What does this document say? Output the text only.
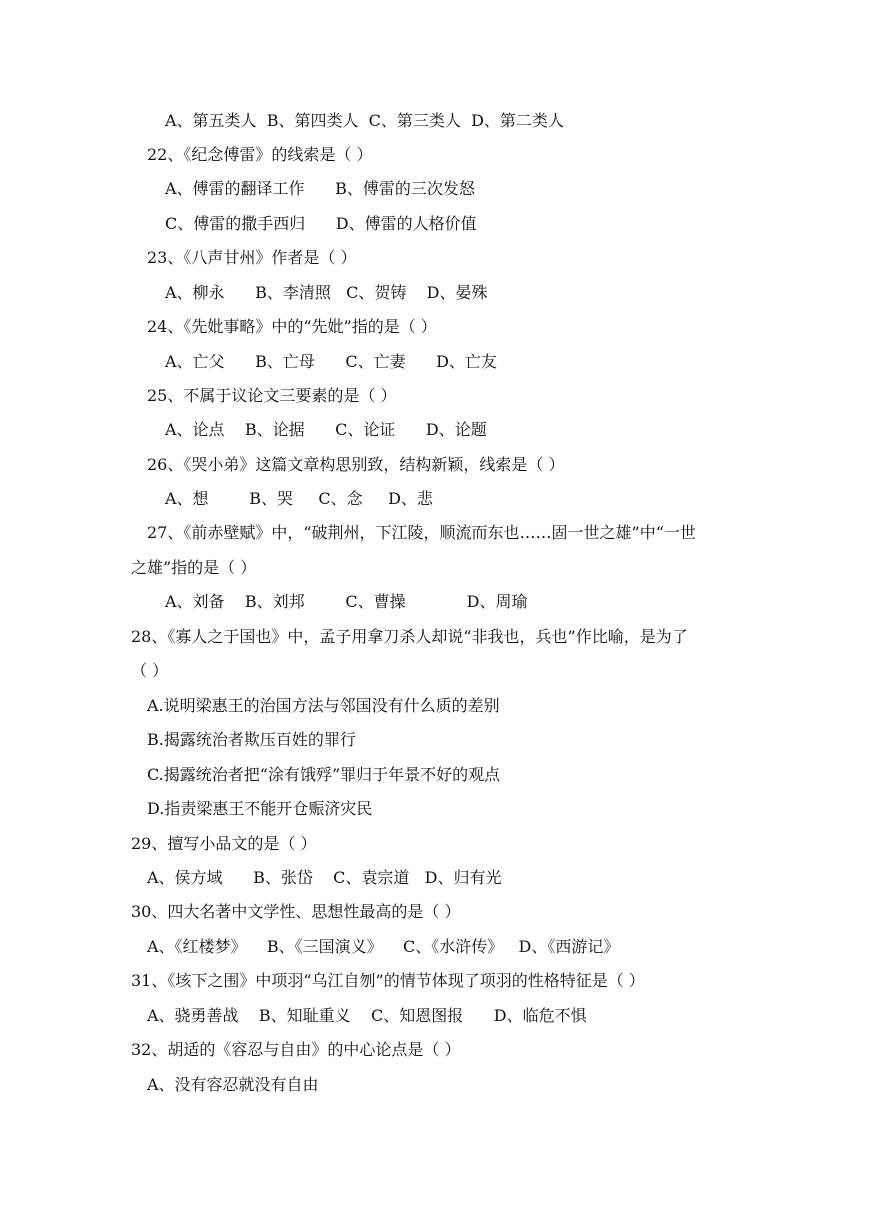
A、第五类人  B、第四类人  C、第三类人  D、第二类人
22、《纪念傅雷》的线索是（ ）
A、傅雷的翻译工作      B、傅雷的三次发怒
C、傅雷的撒手西归      D、傅雷的人格价值
23、《八声甘州》作者是（ ）
A、柳永      B、李清照   C、贺铸    D、晏殊
24、《先妣事略》中的“先妣”指的是（ ）
A、亡父      B、亡母      C、亡妻      D、亡友
25、不属于议论文三要素的是（ ）
A、论点    B、论据      C、论证      D、论题
26、《哭小弟》这篇文章构思别致，结构新颖，线索是（ ）
A、想        B、哭     C、念     D、悲
27、《前赤壁赋》中，“破荆州，下江陵，顺流而东也……固一世之雄”中“一世
之雄”指的是（ ）
A、刘备    B、刘邦        C、曹操            D、周瑜
28、《寡人之于国也》中，孟子用拿刀杀人却说“非我也，兵也”作比喻，是为了
（ ）
A.说明梁惠王的治国方法与邻国没有什么质的差别
B.揭露统治者欺压百姓的罪行
C.揭露统治者把“涂有饿殍”罪归于年景不好的观点
D.指责梁惠王不能开仓赈济灾民
29、擅写小品文的是（ ）
A、侯方域      B、张岱    C、袁宗道   D、归有光
30、四大名著中文学性、思想性最高的是（ ）
A、《红楼梦》    B、《三国演义》    C、《水浒传》   D、《西游记》
31、《垓下之围》中项羽“乌江自刎”的情节体现了项羽的性格特征是（ ）
A、骁勇善战    B、知耻重义    C、知恩图报      D、临危不惧
32、胡适的《容忍与自由》的中心论点是（ ）
A、没有容忍就没有自由
